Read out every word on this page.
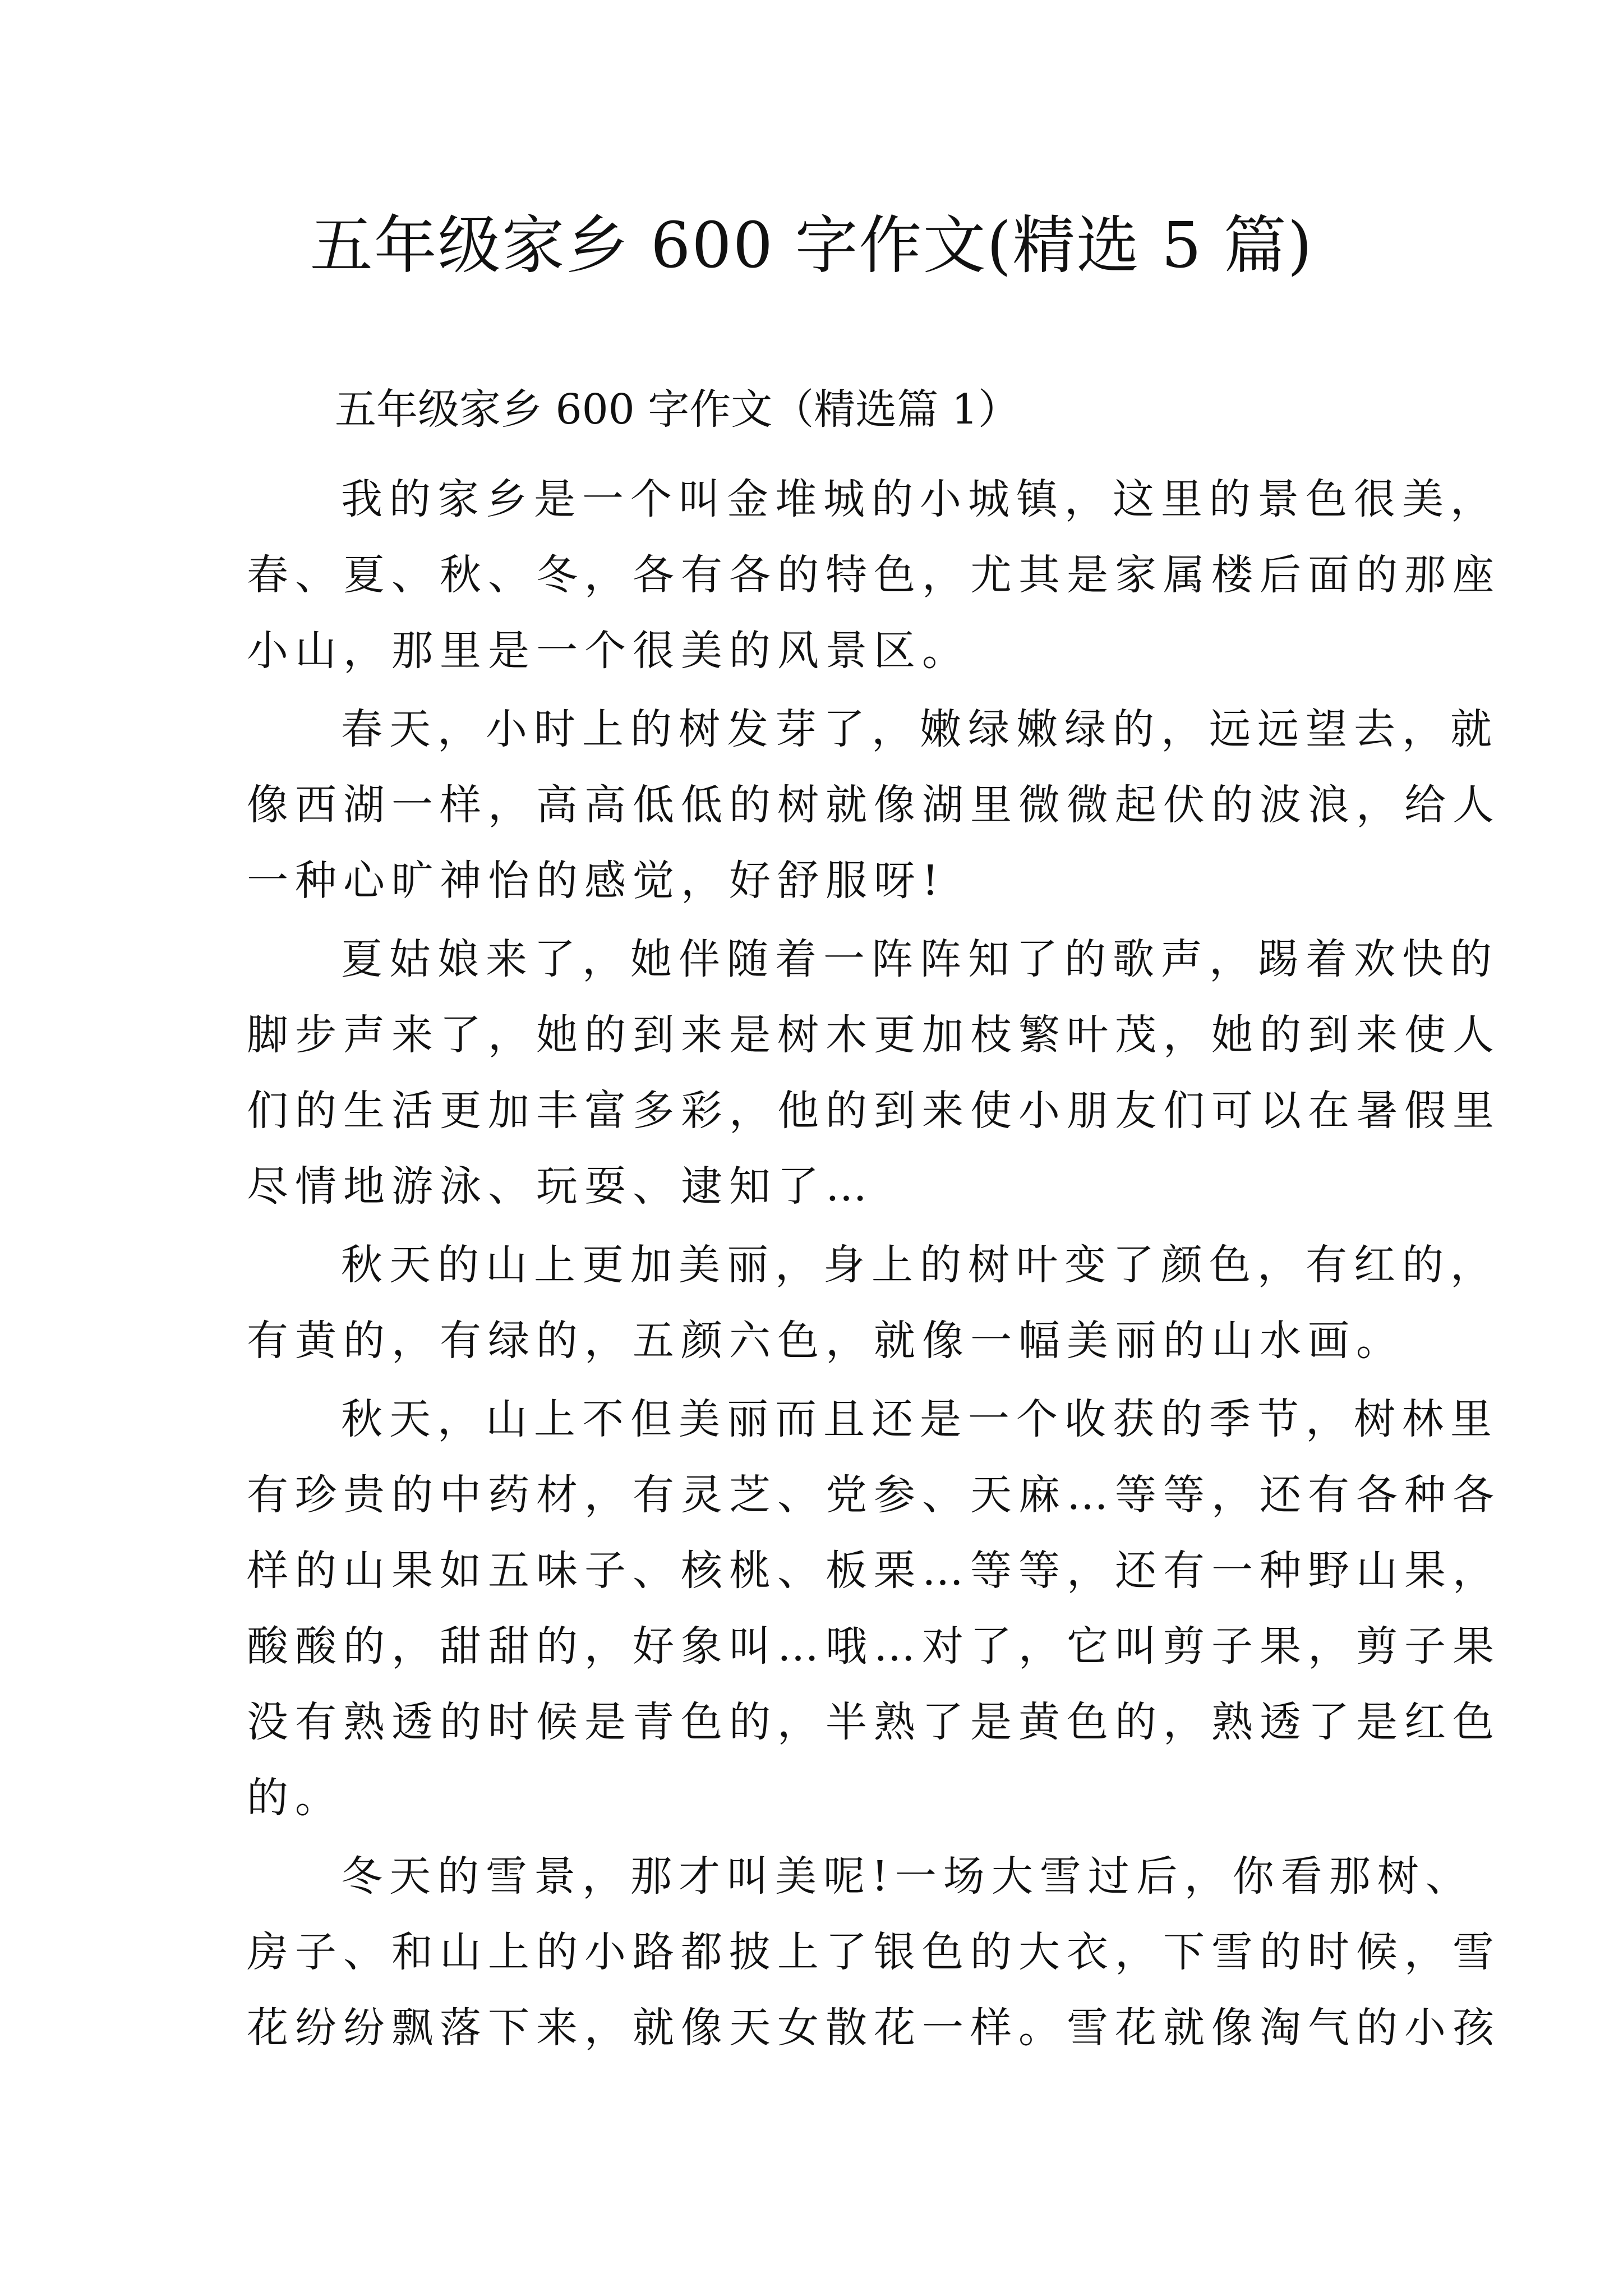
五年级家乡 600 字作文(精选 5 篇)

五年级家乡 600 字作文（精选篇 1）

我的家乡是一个叫金堆城的小城镇，这里的景色很美，

春、夏、秋、冬，各有各的特色，尤其是家属楼后面的那座

小山，那里是一个很美的风景区。

春天，小时上的树发芽了，嫩绿嫩绿的，远远望去，就

像西湖一样，高高低低的树就像湖里微微起伏的波浪，给人

一种心旷神怡的感觉，好舒服呀!

夏姑娘来了，她伴随着一阵阵知了的歌声，踢着欢快的

脚步声来了，她的到来是树木更加枝繁叶茂，她的到来使人

们的生活更加丰富多彩，他的到来使小朋友们可以在暑假里

尽情地游泳、玩耍、逮知了…

秋天的山上更加美丽，身上的树叶变了颜色，有红的，

有黄的，有绿的，五颜六色，就像一幅美丽的山水画。

秋天，山上不但美丽而且还是一个收获的季节，树林里

有珍贵的中药材，有灵芝、党参、天麻…等等，还有各种各

样的山果如五味子、核桃、板栗…等等，还有一种野山果，

酸酸的，甜甜的，好象叫…哦…对了，它叫剪子果，剪子果

没有熟透的时候是青色的，半熟了是黄色的，熟透了是红色

的。

冬天的雪景，那才叫美呢!一场大雪过后，你看那树、

房子、和山上的小路都披上了银色的大衣，下雪的时候，雪

花纷纷飘落下来，就像天女散花一样。雪花就像淘气的小孩
